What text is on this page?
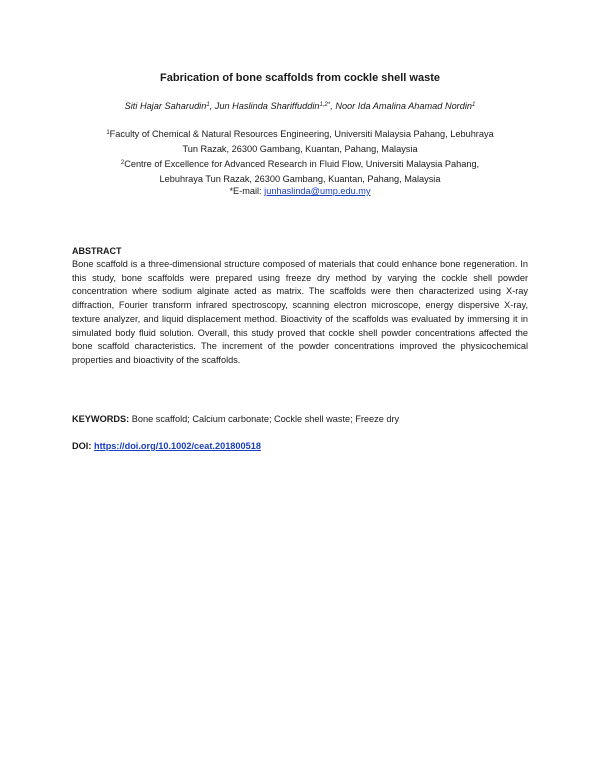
Fabrication of bone scaffolds from cockle shell waste
Siti Hajar Saharudin$^1$, Jun Haslinda Shariffuddin$^{1,2*}$, Noor Ida Amalina Ahamad Nordin$^1$
$^1$Faculty of Chemical & Natural Resources Engineering, Universiti Malaysia Pahang, Lebuhraya
Tun Razak, 26300 Gambang, Kuantan, Pahang, Malaysia
$^2$Centre of Excellence for Advanced Research in Fluid Flow, Universiti Malaysia Pahang,
Lebuhraya Tun Razak, 26300 Gambang, Kuantan, Pahang, Malaysia
*E-mail: junhaslinda@ump.edu.my
ABSTRACT
Bone scaffold is a three-dimensional structure composed of materials that could enhance bone regeneration. In this study, bone scaffolds were prepared using freeze dry method by varying the cockle shell powder concentration where sodium alginate acted as matrix. The scaffolds were then characterized using X-ray diffraction, Fourier transform infrared spectroscopy, scanning electron microscope, energy dispersive X-ray, texture analyzer, and liquid displacement method. Bioactivity of the scaffolds was evaluated by immersing it in simulated body fluid solution. Overall, this study proved that cockle shell powder concentrations affected the bone scaffold characteristics. The increment of the powder concentrations improved the physicochemical properties and bioactivity of the scaffolds.
KEYWORDS: Bone scaffold; Calcium carbonate; Cockle shell waste; Freeze dry
DOI: https://doi.org/10.1002/ceat.201800518
